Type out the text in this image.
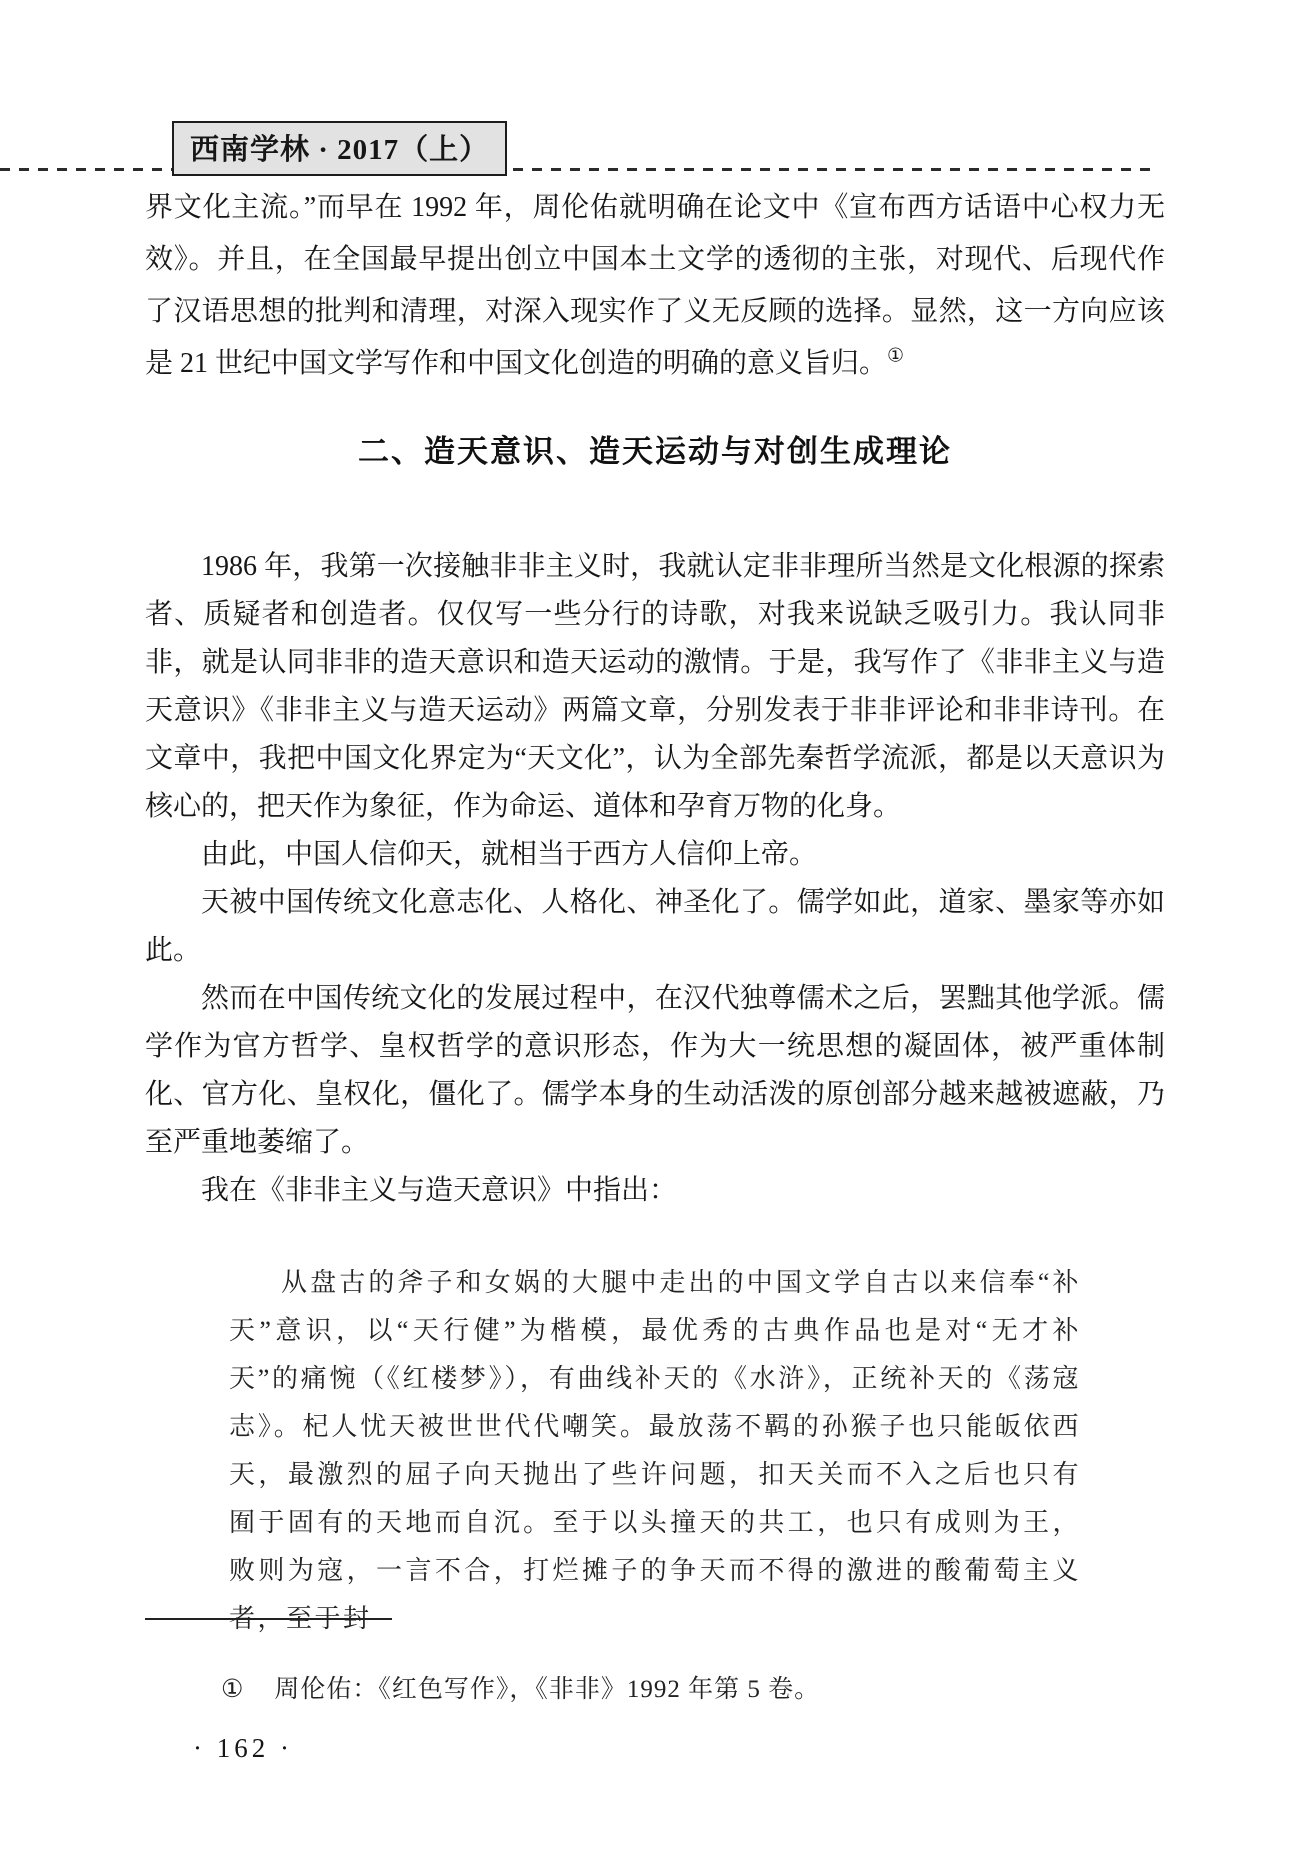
西南学林 · 2017（上）

界文化主流。”而早在 1992 年，周伦佑就明确在论文中《宣布西方话语中心权力无效》。并且，在全国最早提出创立中国本土文学的透彻的主张，对现代、后现代作了汉语思想的批判和清理，对深入现实作了义无反顾的选择。显然，这一方向应该是 21 世纪中国文学写作和中国文化创造的明确的意义旨归。①

二、造天意识、造天运动与对创生成理论

1986 年，我第一次接触非非主义时，我就认定非非理所当然是文化根源的探索者、质疑者和创造者。仅仅写一些分行的诗歌，对我来说缺乏吸引力。我认同非非，就是认同非非的造天意识和造天运动的激情。于是，我写作了《非非主义与造天意识》《非非主义与造天运动》两篇文章，分别发表于非非评论和非非诗刊。在文章中，我把中国文化界定为“天文化”，认为全部先秦哲学流派，都是以天意识为核心的，把天作为象征，作为命运、道体和孕育万物的化身。

由此，中国人信仰天，就相当于西方人信仰上帝。

天被中国传统文化意志化、人格化、神圣化了。儒学如此，道家、墨家等亦如此。

然而在中国传统文化的发展过程中，在汉代独尊儒术之后，罢黜其他学派。儒学作为官方哲学、皇权哲学的意识形态，作为大一统思想的凝固体，被严重体制化、官方化、皇权化，僵化了。儒学本身的生动活泼的原创部分越来越被遮蔽，乃至严重地萎缩了。

我在《非非主义与造天意识》中指出：

从盘古的斧子和女娲的大腿中走出的中国文学自古以来信奉“补天”意识，以“天行健”为楷模，最优秀的古典作品也是对“无才补天”的痛惋（《红楼梦》），有曲线补天的《水浒》，正统补天的《荡寇志》。杞人忧天被世世代代嘲笑。最放荡不羁的孙猴子也只能皈依西天，最激烈的屈子向天抛出了些许问题，扣天关而不入之后也只有囿于固有的天地而自沉。至于以头撞天的共工，也只有成则为王，败则为寇，一言不合，打烂摊子的争天而不得的激进的酸葡萄主义者，至于封
① 周伦佑：《红色写作》，《非非》1992 年第 5 卷。
· 162 ·
